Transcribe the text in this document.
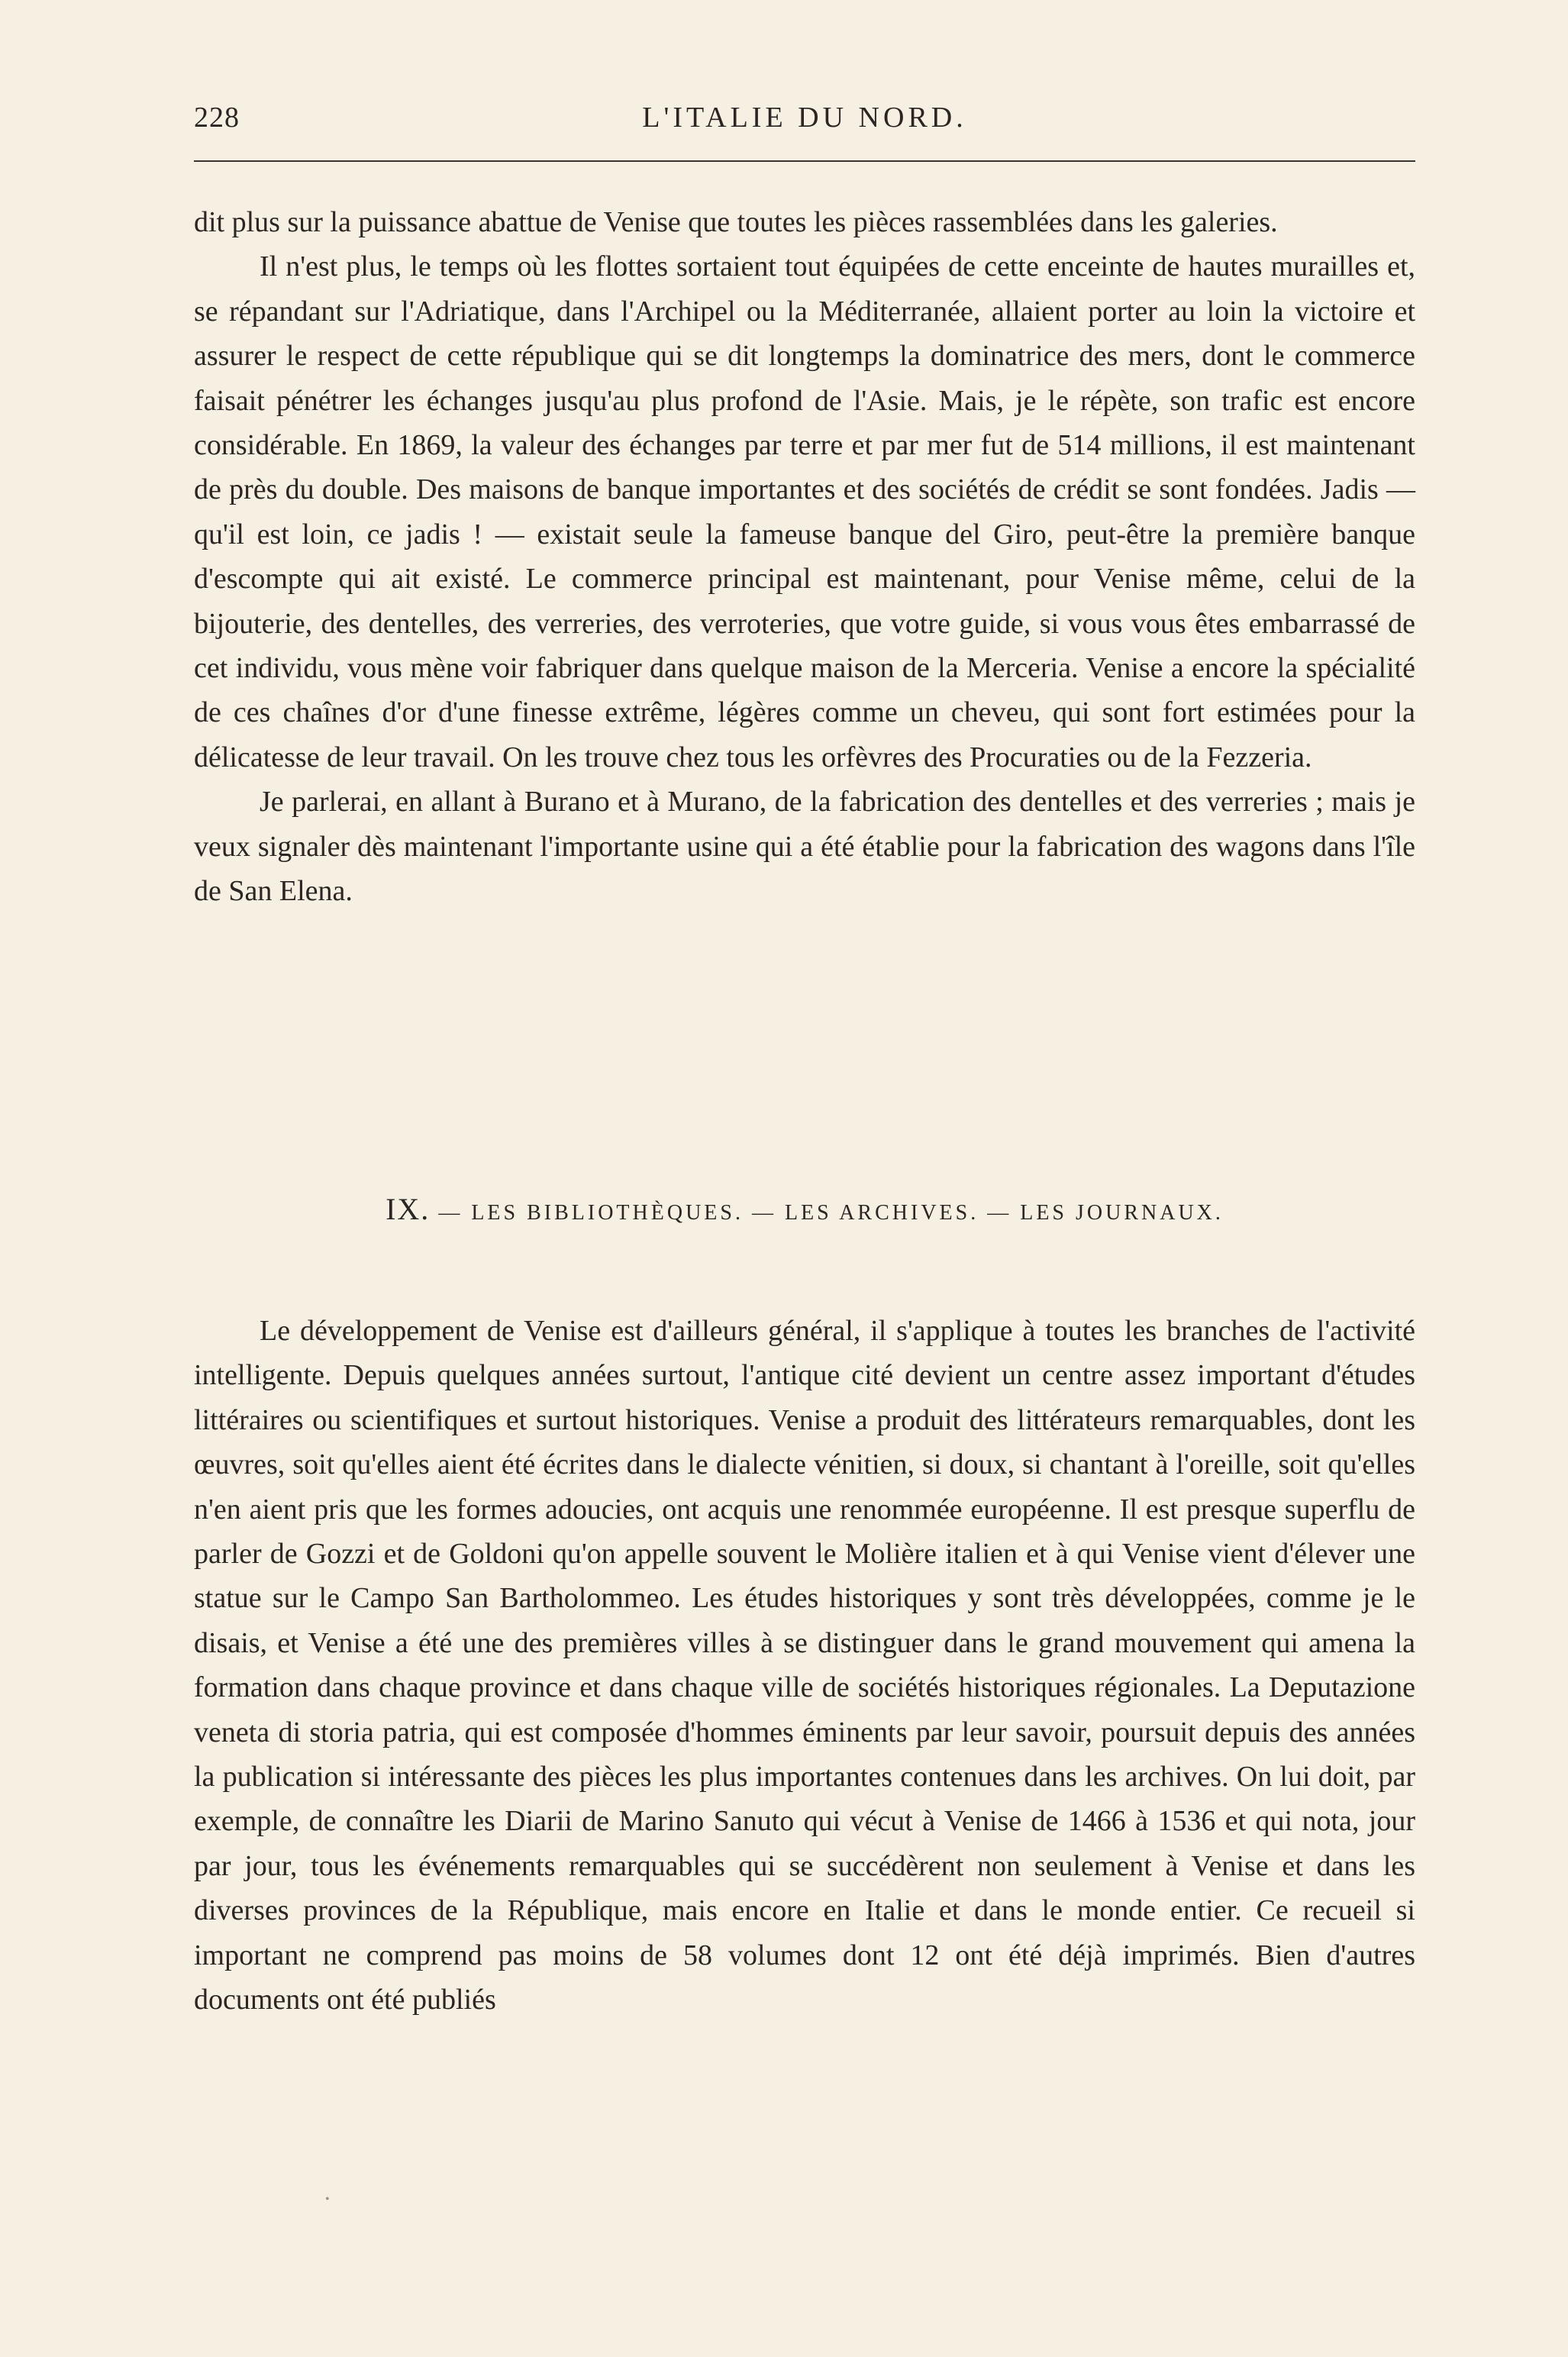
228	L'ITALIE DU NORD.

dit plus sur la puissance abattue de Venise que toutes les pièces rassemblées dans les galeries.

Il n'est plus, le temps où les flottes sortaient tout équipées de cette enceinte de hautes murailles et, se répandant sur l'Adriatique, dans l'Archipel ou la Méditerranée, allaient porter au loin la victoire et assurer le respect de cette république qui se dit longtemps la dominatrice des mers, dont le commerce faisait pénétrer les échanges jusqu'au plus profond de l'Asie. Mais, je le répète, son trafic est encore considérable. En 1869, la valeur des échanges par terre et par mer fut de 514 millions, il est maintenant de près du double. Des maisons de banque importantes et des sociétés de crédit se sont fondées. Jadis — qu'il est loin, ce jadis ! — existait seule la fameuse banque del Giro, peut-être la première banque d'escompte qui ait existé. Le commerce principal est maintenant, pour Venise même, celui de la bijouterie, des dentelles, des verreries, des verroteries, que votre guide, si vous vous êtes embarrassé de cet individu, vous mène voir fabriquer dans quelque maison de la Merceria. Venise a encore la spécialité de ces chaînes d'or d'une finesse extrême, légères comme un cheveu, qui sont fort estimées pour la délicatesse de leur travail. On les trouve chez tous les orfèvres des Procuraties ou de la Fezzeria.

Je parlerai, en allant à Burano et à Murano, de la fabrication des dentelles et des verreries ; mais je veux signaler dès maintenant l'importante usine qui a été établie pour la fabrication des wagons dans l'île de San Elena.

IX. — LES BIBLIOTHÈQUES. — LES ARCHIVES. — LES JOURNAUX.

Le développement de Venise est d'ailleurs général, il s'applique à toutes les branches de l'activité intelligente. Depuis quelques années surtout, l'antique cité devient un centre assez important d'études littéraires ou scientifiques et surtout historiques. Venise a produit des littérateurs remarquables, dont les œuvres, soit qu'elles aient été écrites dans le dialecte vénitien, si doux, si chantant à l'oreille, soit qu'elles n'en aient pris que les formes adoucies, ont acquis une renommée européenne. Il est presque superflu de parler de Gozzi et de Goldoni qu'on appelle souvent le Molière italien et à qui Venise vient d'élever une statue sur le Campo San Bartholommeo. Les études historiques y sont très développées, comme je le disais, et Venise a été une des premières villes à se distinguer dans le grand mouvement qui amena la formation dans chaque province et dans chaque ville de sociétés historiques régionales. La Deputazione veneta di storia patria, qui est composée d'hommes éminents par leur savoir, poursuit depuis des années la publication si intéressante des pièces les plus importantes contenues dans les archives. On lui doit, par exemple, de connaître les Diarii de Marino Sanuto qui vécut à Venise de 1466 à 1536 et qui nota, jour par jour, tous les événements remarquables qui se succédèrent non seulement à Venise et dans les diverses provinces de la République, mais encore en Italie et dans le monde entier. Ce recueil si important ne comprend pas moins de 58 volumes dont 12 ont été déjà imprimés. Bien d'autres documents ont été publiés

•
